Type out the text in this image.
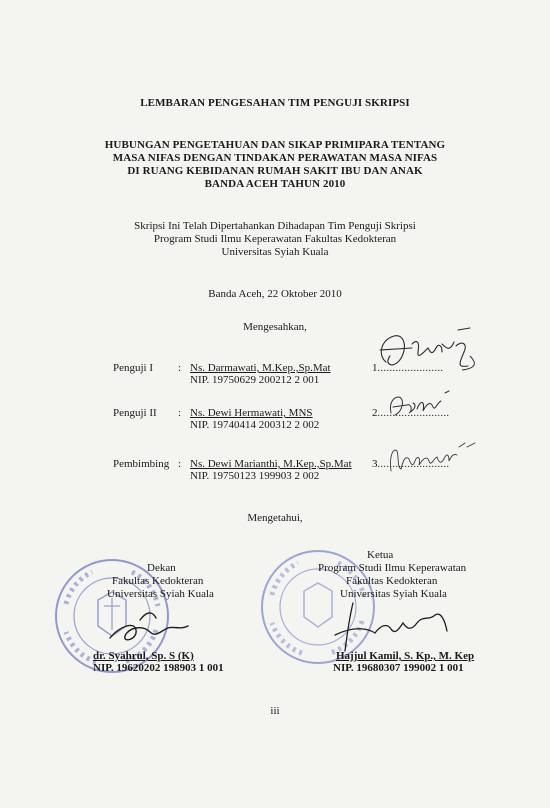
LEMBARAN PENGESAHAN TIM PENGUJI SKRIPSI
HUBUNGAN PENGETAHUAN DAN SIKAP PRIMIPARA TENTANG
MASA NIFAS DENGAN TINDAKAN PERAWATAN MASA NIFAS
DI RUANG KEBIDANAN RUMAH SAKIT IBU DAN ANAK
BANDA ACEH TAHUN 2010
Skripsi Ini Telah Dipertahankan Dihadapan Tim Penguji Skripsi
Program Studi Ilmu Keperawatan Fakultas Kedokteran
Universitas Syiah Kuala
Banda Aceh, 22 Oktober 2010
Mengesahkan,
Penguji I : Ns. Darmawati, M.Kep.,Sp.Mat
NIP. 19750629 200212 2 001
1......................
Penguji II : Ns. Dewi Hermawati, MNS
NIP. 19740414 200312 2 002
2........................
Pembimbing : Ns. Dewi Marianthi, M.Kep.,Sp.Mat
NIP. 19750123 199903 2 002
3........................
Mengetahui,
Dekan
Fakultas Kedokteran
Universitas Syiah Kuala
dr. Syahrul, Sp. S (K)
NIP. 19620202 198903 1 001
Ketua
Program Studi Ilmu Keperawatan
Fakultas Kedokteran
Universitas Syiah Kuala
Hajjul Kamil, S. Kp., M. Kep
NIP. 19680307 199002 1 001
iii
